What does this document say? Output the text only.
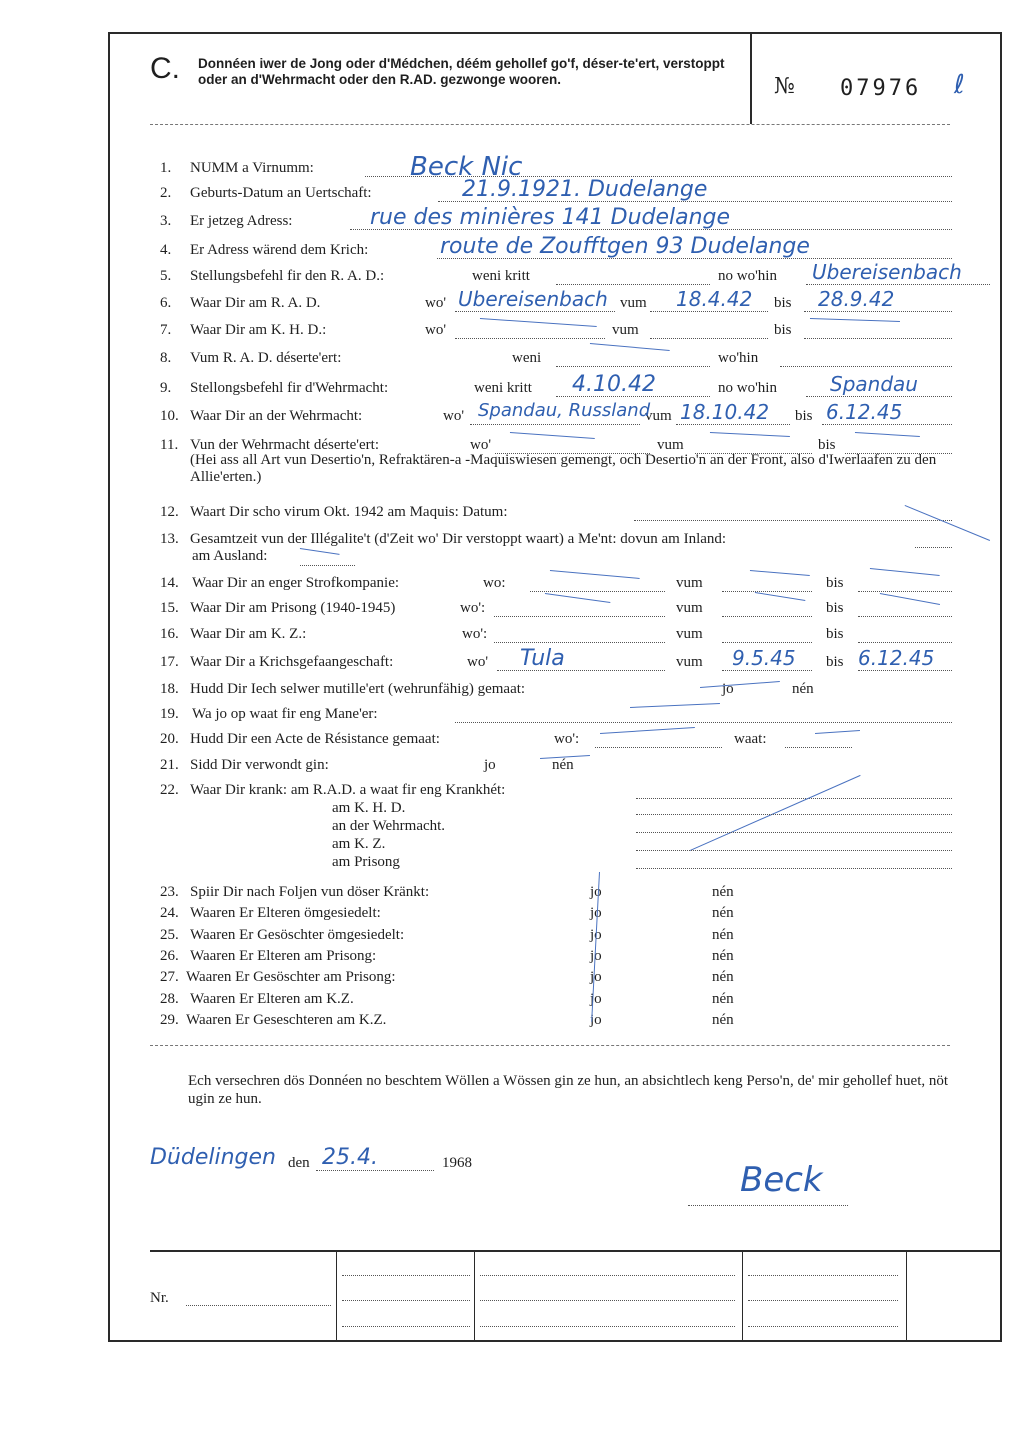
C. Donnéen iwer de Jong oder d'Médchen, déém gehollef go'f, déser-te'ert, verstoppt oder an d'Wehrmacht oder den R.AD. gezwonge wooren.	№ 07976 ℓ
1. NUMM a Virnumm:	Beck Nic
2. Geburts-Datum an Uertschaft:	21.9.1921. Dudelange
3. Er jetzeg Adress:	rue des minières 141 Dudelange
4. Er Adress wärend dem Krich:	route de Zoufftgen 93 Dudelange
5. Stellungsbefehl fir den R. A. D.:	weni kritt	no wo'hin Ubereisenbach
6. Waar Dir am R. A. D.	wo'	vum	bis
Ubereisenbach	18.4.42	28.9.42
7. Waar Dir am K. H. D.:	wo'	vum	bis
8. Vum R. A. D. déserte'ert:	weni	wo'hin
9. Stellongsbefehl fir d'Wehrmacht:	weni kritt	no wo'hin
4.10.42	Spandau
10. Waar Dir an der Wehrmacht:	wo'	vum	bis
Spandau, Russland 18.10.42	6.12.45
11. Vun der Wehrmacht déserte'ert:	wo'	vum	bis
(Hei ass all Art vun Desertio'n, Refraktären-a -Maquiswiesen gemengt, och Desertio'n an der Front, also d'Iwerlaafen zu den Allie'erten.)
12. Waart Dir scho virum Okt. 1942 am Maquis: Datum:
13. Gesamtzeit vun der Illégalite't (d'Zeit wo' Dir verstoppt waart) a Me'nt: dovun am Inland:
am Ausland:
14. Waar Dir an enger Strofkompanie:	wo:	vum	bis
15. Waar Dir am Prisong (1940-1945)	wo':	vum	bis
16. Waar Dir am K. Z.:	wo':	vum	bis
17. Waar Dir a Krichsgefaangeschaft:	wo'	vum	bis
Tula	9.5.45	6.12.45
18. Hudd Dir Iech selwer mutille'ert (wehrunfähig) gemaat:	jo	nén
19. Wa jo op waat fir eng Mane'er:
20. Hudd Dir een Acte de Résistance gemaat:	wo':	waat:
21. Sidd Dir verwondt gin:	jo	nén
22. Waar Dir krank: am R.A.D. a waat fir eng Krankhét:
am K. H. D.
an der Wehrmacht.
am K. Z.
am Prisong
23. Spiir Dir nach Foljen vun döser Kränkt:	jo	nén
24. Waaren Er Elteren ömgesiedelt:	jo	nén
25. Waaren Er Gesöschter ömgesiedelt:	jo	nén
26. Waaren Er Elteren am Prisong:	jo	nén
27. Waaren Er Gesöschter am Prisong:	jo	nén
28. Waaren Er Elteren am K.Z.	jo	nén
29. Waaren Er Geseschteren am K.Z.	jo	nén
Ech versechren dös Donnéen no beschtem Wöllen a Wössen gin ze hun, an absichtlech keng Perso'n, de' mir gehollef huet, nöt ugin ze hun.
Düdelingen den 25.4.	1968	Beck
Nr.
